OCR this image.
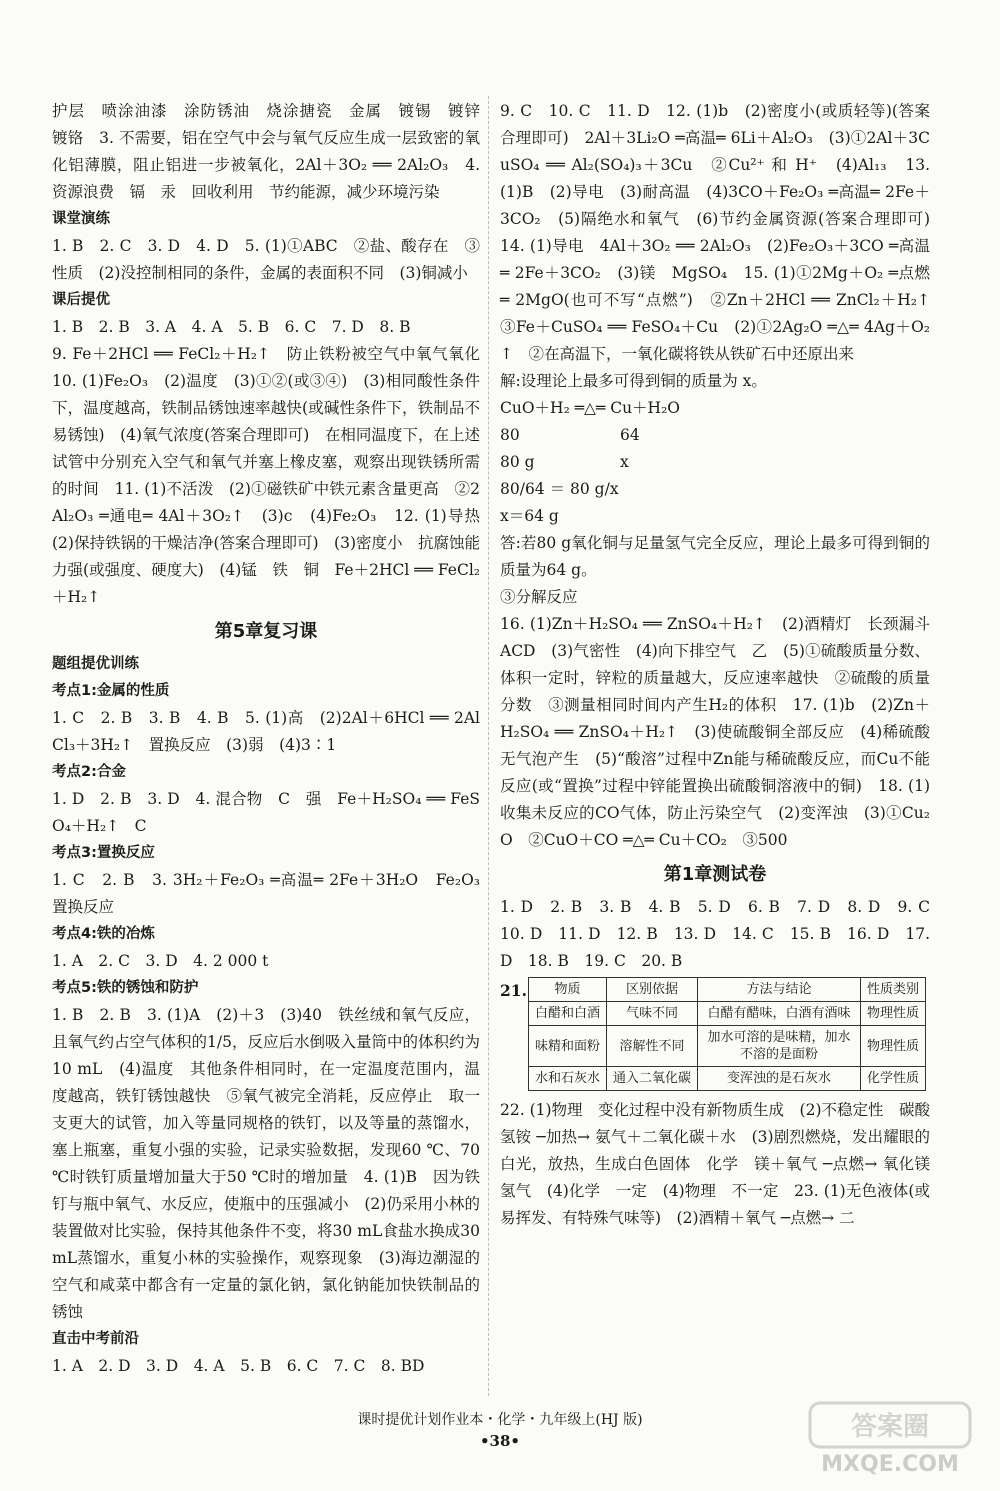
护层　喷涂油漆　涂防锈油　烧涂搪瓷　金属　镀锡　镀锌　镀铬　3. 不需要，铝在空气中会与氧气反应生成一层致密的氧化铝薄膜，阻止铝进一步被氧化，2Al＋3O₂ ══ 2Al₂O₃　4. 资源浪费　镉　汞　回收利用　节约能源，减少环境污染

课堂演练

1. B　2. C　3. D　4. D　5. (1)①ABC　②盐、酸存在　③性质　(2)没控制相同的条件，金属的表面积不同　(3)铜减小

课后提优

1. B　2. B　3. A　4. A　5. B　6. C　7. D　8. B

9. Fe＋2HCl ══ FeCl₂＋H₂↑　防止铁粉被空气中氧气氧化　10. (1)Fe₂O₃　(2)温度　(3)①②(或③④)　(3)相同酸性条件下，温度越高，铁制品锈蚀速率越快(或碱性条件下，铁制品不易锈蚀)　(4)氧气浓度(答案合理即可)　在相同温度下，在上述试管中分别充入空气和氧气并塞上橡皮塞，观察出现铁锈所需的时间　11. (1)不活泼　(2)①磁铁矿中铁元素含量更高　②2Al₂O₃ ═通电═ 4Al＋3O₂↑　(3)c　(4)Fe₂O₃　12. (1)导热　(2)保持铁锅的干燥洁净(答案合理即可)　(3)密度小　抗腐蚀能力强(或强度、硬度大)　(4)锰　铁　铜　Fe＋2HCl ══ FeCl₂＋H₂↑

第5章复习课

题组提优训练

考点1:金属的性质

1. C　2. B　3. B　4. B　5. (1)高　(2)2Al＋6HCl ══ 2AlCl₃＋3H₂↑　置换反应　(3)弱　(4)3∶1

考点2:合金

1. D　2. B　3. D　4. 混合物　C　强　Fe＋H₂SO₄ ══ FeSO₄＋H₂↑　C

考点3:置换反应

1. C　2. B　3. 3H₂＋Fe₂O₃ ═高温═ 2Fe＋3H₂O　Fe₂O₃　置换反应

考点4:铁的冶炼

1. A　2. C　3. D　4. 2 000 t

考点5:铁的锈蚀和防护

1. B　2. B　3. (1)A　(2)＋3　(3)40　铁丝绒和氧气反应，且氧气约占空气体积的1/5，反应后水倒吸入量筒中的体积约为10 mL　(4)温度　其他条件相同时，在一定温度范围内，温度越高，铁钉锈蚀越快　⑤氧气被完全消耗，反应停止　取一支更大的试管，加入等量同规格的铁钉，以及等量的蒸馏水，塞上瓶塞，重复小强的实验，记录实验数据，发现60 ℃、70 ℃时铁钉质量增加量大于50 ℃时的增加量　4. (1)B　因为铁钉与瓶中氧气、水反应，使瓶中的压强减小　(2)仍采用小林的装置做对比实验，保持其他条件不变，将30 mL食盐水换成30 mL蒸馏水，重复小林的实验操作，观察现象　(3)海边潮湿的空气和咸菜中都含有一定量的氯化钠，氯化钠能加快铁制品的锈蚀

直击中考前沿

1. A　2. D　3. D　4. A　5. B　6. C　7. C　8. BD

9. C　10. C　11. D　12. (1)b　(2)密度小(或质轻等)(答案合理即可)　2Al＋3Li₂O ═高温═ 6Li＋Al₂O₃　(3)①2Al＋3CuSO₄ ══ Al₂(SO₄)₃＋3Cu　②Cu²⁺ 和 H⁺　(4)Al₁₃　13. (1)B　(2)导电　(3)耐高温　(4)3CO＋Fe₂O₃ ═高温═ 2Fe＋3CO₂　(5)隔绝水和氧气　(6)节约金属资源(答案合理即可)　14. (1)导电　4Al＋3O₂ ══ 2Al₂O₃　(2)Fe₂O₃＋3CO ═高温═ 2Fe＋3CO₂　(3)镁　MgSO₄　15. (1)①2Mg＋O₂ ═点燃═ 2MgO(也可不写“点燃”)　②Zn＋2HCl ══ ZnCl₂＋H₂↑　③Fe＋CuSO₄ ══ FeSO₄＋Cu　(2)①2Ag₂O ═△═ 4Ag＋O₂↑　②在高温下，一氧化碳将铁从铁矿石中还原出来

解:设理论上最多可得到铜的质量为 x。

CuO＋H₂ ═△═ Cu＋H₂O

80	64
80 g	x

80/64 ＝ 80 g/x

x＝64 g

答:若80 g氧化铜与足量氢气完全反应，理论上最多可得到铜的质量为64 g。

③分解反应

16. (1)Zn＋H₂SO₄ ══ ZnSO₄＋H₂↑　(2)酒精灯　长颈漏斗　ACD　(3)气密性　(4)向下排空气　乙　(5)①硫酸质量分数、体积一定时，锌粒的质量越大，反应速率越快　②硫酸的质量分数　③测量相同时间内产生H₂的体积　17. (1)b　(2)Zn＋H₂SO₄ ══ ZnSO₄＋H₂↑　(3)使硫酸铜全部反应　(4)稀硫酸　无气泡产生　(5)“酸溶”过程中Zn能与稀硫酸反应，而Cu不能反应(或“置换”过程中锌能置换出硫酸铜溶液中的铜)　18. (1)收集未反应的CO气体，防止污染空气　(2)变浑浊　(3)①Cu₂O　②CuO＋CO ═△═ Cu＋CO₂　③500

第1章测试卷

1. D　2. B　3. B　4. B　5. D　6. B　7. D　8. D　9. C　10. D　11. D　12. B　13. D　14. C　15. B　16. D　17. D　18. B　19. C　20. B

21. 物质	区别依据	方法与结论	性质类别
白醋和白酒	气味不同	白醋有醋味，白酒有酒味	物理性质
味精和面粉	溶解性不同	加水可溶的是味精，加水不溶的是面粉	物理性质
水和石灰水	通入二氧化碳	变浑浊的是石灰水	化学性质

22. (1)物理　变化过程中没有新物质生成　(2)不稳定性　碳酸氢铵 ─加热→ 氨气＋二氧化碳＋水　(3)剧烈燃烧，发出耀眼的白光，放热，生成白色固体　化学　镁＋氧气 ─点燃→ 氧化镁　氢气　(4)化学　一定　(4)物理　不一定　23. (1)无色液体(或易挥发、有特殊气味等)　(2)酒精＋氧气 ─点燃→ 二

课时提优计划作业本・化学・九年级上(HJ 版)
•38•	答案圈
MXQE.COM
